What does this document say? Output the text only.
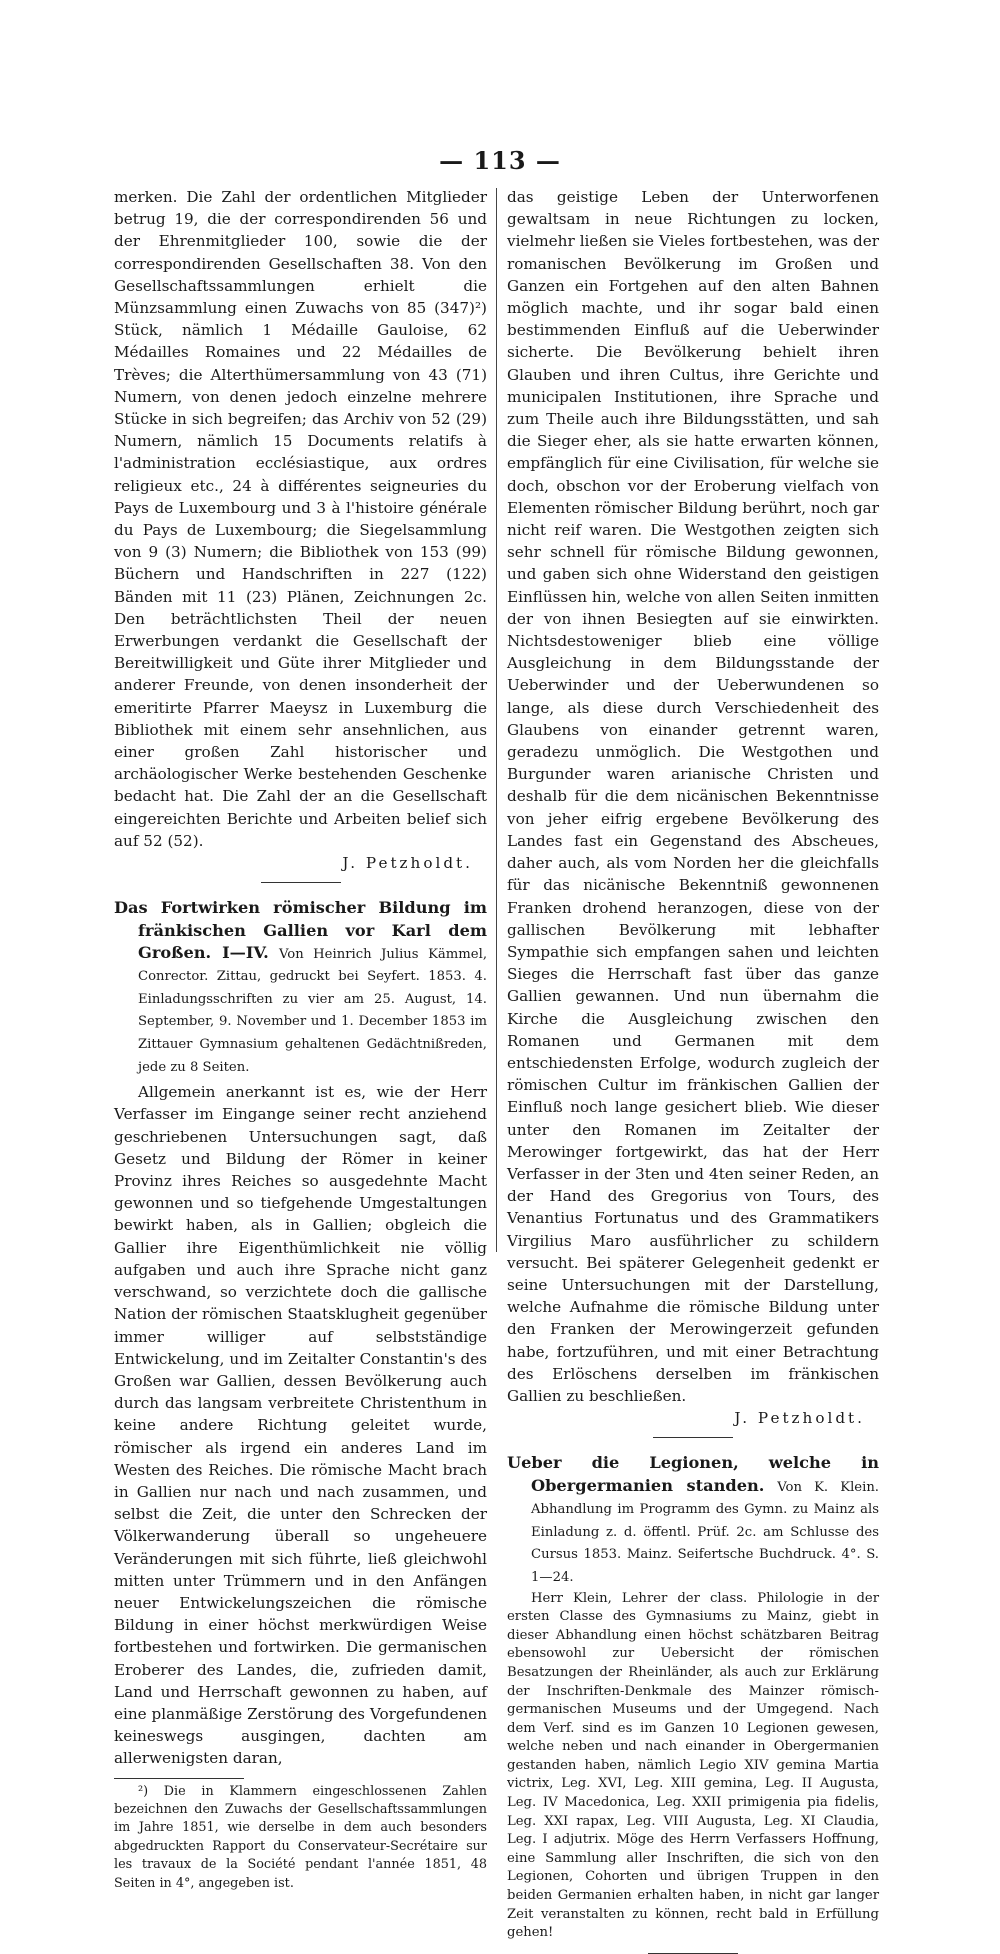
— 113 —

merken. Die Zahl der ordentlichen Mitglieder betrug 19, die der correspondirenden 56 und der Ehrenmitglieder 100, sowie die der correspondirenden Gesellschaften 38. Von den Gesellschaftssammlungen erhielt die Münzsammlung einen Zuwachs von 85 (347)²) Stück, nämlich 1 Médaille Gauloise, 62 Médailles Romaines und 22 Médailles de Trèves; die Alterthümersammlung von 43 (71) Numern, von denen jedoch einzelne mehrere Stücke in sich begreifen; das Archiv von 52 (29) Numern, nämlich 15 Documents relatifs à l'administration ecclésiastique, aux ordres religieux etc., 24 à différentes seigneuries du Pays de Luxembourg und 3 à l'histoire générale du Pays de Luxembourg; die Siegelsammlung von 9 (3) Numern; die Bibliothek von 153 (99) Büchern und Handschriften in 227 (122) Bänden mit 11 (23) Plänen, Zeichnungen 2c. Den beträchtlichsten Theil der neuen Erwerbungen verdankt die Gesellschaft der Bereitwilligkeit und Güte ihrer Mitglieder und anderer Freunde, von denen insonderheit der emeritirte Pfarrer Maeysz in Luxemburg die Bibliothek mit einem sehr ansehnlichen, aus einer großen Zahl historischer und archäologischer Werke bestehenden Geschenke bedacht hat. Die Zahl der an die Gesellschaft eingereichten Berichte und Arbeiten belief sich auf 52 (52).

J. Petzholdt.

Das Fortwirken römischer Bildung im fränkischen Gallien vor Karl dem Großen. I—IV. Von Heinrich Julius Kämmel, Conrector. Zittau, gedruckt bei Seyfert. 1853. 4. Einladungsschriften zu vier am 25. August, 14. September, 9. November und 1. December 1853 im Zittauer Gymnasium gehaltenen Gedächtnißreden, jede zu 8 Seiten.

Allgemein anerkannt ist es, wie der Herr Verfasser im Eingange seiner recht anziehend geschriebenen Untersuchungen sagt, daß Gesetz und Bildung der Römer in keiner Provinz ihres Reiches so ausgedehnte Macht gewonnen und so tiefgehende Umgestaltungen bewirkt haben, als in Gallien; obgleich die Gallier ihre Eigenthümlichkeit nie völlig aufgaben und auch ihre Sprache nicht ganz verschwand, so verzichtete doch die gallische Nation der römischen Staatsklugheit gegenüber immer williger auf selbstständige Entwickelung, und im Zeitalter Constantin's des Großen war Gallien, dessen Bevölkerung auch durch das langsam verbreitete Christenthum in keine andere Richtung geleitet wurde, römischer als irgend ein anderes Land im Westen des Reiches. Die römische Macht brach in Gallien nur nach und nach zusammen, und selbst die Zeit, die unter den Schrecken der Völkerwanderung überall so ungeheuere Veränderungen mit sich führte, ließ gleichwohl mitten unter Trümmern und in den Anfängen neuer Entwickelungszeichen die römische Bildung in einer höchst merkwürdigen Weise fortbestehen und fortwirken. Die germanischen Eroberer des Landes, die, zufrieden damit, Land und Herrschaft gewonnen zu haben, auf eine planmäßige Zerstörung des Vorgefundenen keineswegs ausgingen, dachten am allerwenigsten daran,

²) Die in Klammern eingeschlossenen Zahlen bezeichnen den Zuwachs der Gesellschaftssammlungen im Jahre 1851, wie derselbe in dem auch besonders abgedruckten Rapport du Conservateur-Secrétaire sur les travaux de la Société pendant l'année 1851, 48 Seiten in 4°, angegeben ist.

das geistige Leben der Unterworfenen gewaltsam in neue Richtungen zu locken, vielmehr ließen sie Vieles fortbestehen, was der romanischen Bevölkerung im Großen und Ganzen ein Fortgehen auf den alten Bahnen möglich machte, und ihr sogar bald einen bestimmenden Einfluß auf die Ueberwinder sicherte. Die Bevölkerung behielt ihren Glauben und ihren Cultus, ihre Gerichte und municipalen Institutionen, ihre Sprache und zum Theile auch ihre Bildungsstätten, und sah die Sieger eher, als sie hatte erwarten können, empfänglich für eine Civilisation, für welche sie doch, obschon vor der Eroberung vielfach von Elementen römischer Bildung berührt, noch gar nicht reif waren. Die Westgothen zeigten sich sehr schnell für römische Bildung gewonnen, und gaben sich ohne Widerstand den geistigen Einflüssen hin, welche von allen Seiten inmitten der von ihnen Besiegten auf sie einwirkten. Nichtsdestoweniger blieb eine völlige Ausgleichung in dem Bildungsstande der Ueberwinder und der Ueberwundenen so lange, als diese durch Verschiedenheit des Glaubens von einander getrennt waren, geradezu unmöglich. Die Westgothen und Burgunder waren arianische Christen und deshalb für die dem nicänischen Bekenntnisse von jeher eifrig ergebene Bevölkerung des Landes fast ein Gegenstand des Abscheues, daher auch, als vom Norden her die gleichfalls für das nicänische Bekenntniß gewonnenen Franken drohend heranzogen, diese von der gallischen Bevölkerung mit lebhafter Sympathie sich empfangen sahen und leichten Sieges die Herrschaft fast über das ganze Gallien gewannen. Und nun übernahm die Kirche die Ausgleichung zwischen den Romanen und Germanen mit dem entschiedensten Erfolge, wodurch zugleich der römischen Cultur im fränkischen Gallien der Einfluß noch lange gesichert blieb. Wie dieser unter den Romanen im Zeitalter der Merowinger fortgewirkt, das hat der Herr Verfasser in der 3ten und 4ten seiner Reden, an der Hand des Gregorius von Tours, des Venantius Fortunatus und des Grammatikers Virgilius Maro ausführlicher zu schildern versucht. Bei späterer Gelegenheit gedenkt er seine Untersuchungen mit der Darstellung, welche Aufnahme die römische Bildung unter den Franken der Merowingerzeit gefunden habe, fortzuführen, und mit einer Betrachtung des Erlöschens derselben im fränkischen Gallien zu beschließen.

J. Petzholdt.

Ueber die Legionen, welche in Obergermanien standen. Von K. Klein. Abhandlung im Programm des Gymn. zu Mainz als Einladung z. d. öffentl. Prüf. 2c. am Schlusse des Cursus 1853. Mainz. Seifertsche Buchdruck. 4°. S. 1—24.

Herr Klein, Lehrer der class. Philologie in der ersten Classe des Gymnasiums zu Mainz, giebt in dieser Abhandlung einen höchst schätzbaren Beitrag ebensowohl zur Uebersicht der römischen Besatzungen der Rheinländer, als auch zur Erklärung der Inschriften-Denkmale des Mainzer römisch-germanischen Museums und der Umgegend. Nach dem Verf. sind es im Ganzen 10 Legionen gewesen, welche neben und nach einander in Obergermanien gestanden haben, nämlich Legio XIV gemina Martia victrix, Leg. XVI, Leg. XIII gemina, Leg. II Augusta, Leg. IV Macedonica, Leg. XXII primigenia pia fidelis, Leg. XXI rapax, Leg. VIII Augusta, Leg. XI Claudia, Leg. I adjutrix. Möge des Herrn Verfassers Hoffnung, eine Sammlung aller Inschriften, die sich von den Legionen, Cohorten und übrigen Truppen in den beiden Germanien erhalten haben, in nicht gar langer Zeit veranstalten zu können, recht bald in Erfüllung gehen!
